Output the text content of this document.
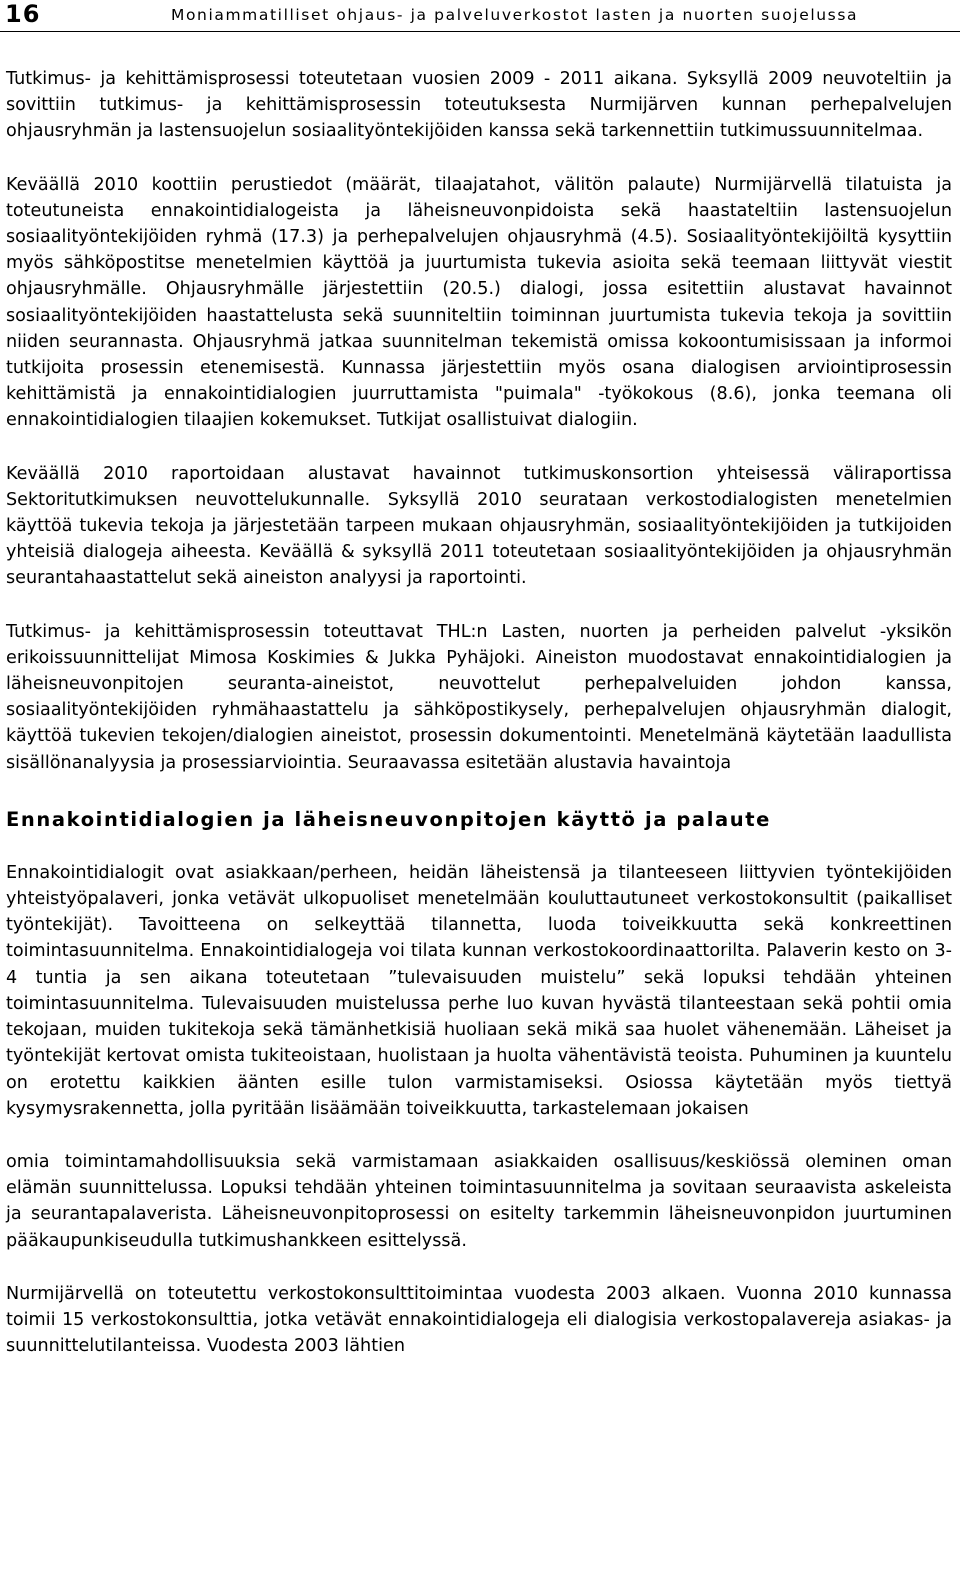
16	Moniammatilliset ohjaus- ja palveluverkostot lasten ja nuorten suojelussa

Tutkimus- ja kehittämisprosessi toteutetaan vuosien 2009 - 2011 aikana. Syksyllä 2009 neuvoteltiin ja sovittiin tutkimus- ja kehittämisprosessin toteutuksesta Nurmijärven kunnan perhepalvelujen ohjausryhmän ja lastensuojelun sosiaalityöntekijöiden kanssa sekä tarkennettiin tutkimussuunnitelmaa.

Keväällä 2010 koottiin perustiedot (määrät, tilaajatahot, välitön palaute) Nurmijärvellä tilatuista ja toteutuneista ennakointidialogeista ja läheisneuvonpidoista sekä haastateltiin lastensuojelun sosiaalityöntekijöiden ryhmä (17.3) ja perhepalvelujen ohjausryhmä (4.5). Sosiaalityöntekijöiltä kysyttiin myös sähköpostitse menetelmien käyttöä ja juurtumista tukevia asioita sekä teemaan liittyvät viestit ohjausryhmälle. Ohjausryhmälle järjestettiin (20.5.) dialogi, jossa esitettiin alustavat havainnot sosiaalityöntekijöiden haastattelusta sekä suunniteltiin toiminnan juurtumista tukevia tekoja ja sovittiin niiden seurannasta. Ohjausryhmä jatkaa suunnitelman tekemistä omissa kokoontumisissaan ja informoi tutkijoita prosessin etenemisestä. Kunnassa järjestettiin myös osana dialogisen arviointiprosessin kehittämistä ja ennakointidialogien juurruttamista "puimala" -työkokous (8.6), jonka teemana oli ennakointidialogien tilaajien kokemukset. Tutkijat osallistuivat dialogiin.

Keväällä 2010 raportoidaan alustavat havainnot tutkimuskonsortion yhteisessä väliraportissa Sektoritutkimuksen neuvottelukunnalle. Syksyllä 2010 seurataan verkostodialogisten menetelmien käyttöä tukevia tekoja ja järjestetään tarpeen mukaan ohjausryhmän, sosiaalityöntekijöiden ja tutkijoiden yhteisiä dialogeja aiheesta. Keväällä & syksyllä 2011 toteutetaan sosiaalityöntekijöiden ja ohjausryhmän seurantahaastattelut sekä aineiston analyysi ja raportointi.

Tutkimus- ja kehittämisprosessin toteuttavat THL:n Lasten, nuorten ja perheiden palvelut -yksikön erikoissuunnittelijat Mimosa Koskimies & Jukka Pyhäjoki. Aineiston muodostavat ennakointidialogien ja läheisneuvonpitojen seuranta-aineistot, neuvottelut perhepalveluiden johdon kanssa, sosiaalityöntekijöiden ryhmähaastattelu ja sähköpostikysely, perhepalvelujen ohjausryhmän dialogit, käyttöä tukevien tekojen/dialogien aineistot, prosessin dokumentointi. Menetelmänä käytetään laadullista sisällönanalyysia ja prosessiarviointia. Seuraavassa esitetään alustavia havaintoja

Ennakointidialogien ja läheisneuvonpitojen käyttö ja palaute

Ennakointidialogit ovat asiakkaan/perheen, heidän läheistensä ja tilanteeseen liittyvien työntekijöiden yhteistyöpalaveri, jonka vetävät ulkopuoliset menetelmään kouluttautuneet verkostokonsultit (paikalliset työntekijät). Tavoitteena on selkeyttää tilannetta, luoda toiveikkuutta sekä konkreettinen toimintasuunnitelma. Ennakointidialogeja voi tilata kunnan verkostokoordinaattorilta. Palaverin kesto on 3-4 tuntia ja sen aikana toteutetaan ”tulevaisuuden muistelu” sekä lopuksi tehdään yhteinen toimintasuunnitelma. Tulevaisuuden muistelussa perhe luo kuvan hyvästä tilanteestaan sekä pohtii omia tekojaan, muiden tukitekoja sekä tämänhetkisiä huoliaan sekä mikä saa huolet vähenemään. Läheiset ja työntekijät kertovat omista tukiteoistaan, huolistaan ja huolta vähentävistä teoista. Puhuminen ja kuuntelu on erotettu kaikkien äänten esille tulon varmistamiseksi. Osiossa käytetään myös tiettyä kysymysrakennetta, jolla pyritään lisäämään toiveikkuutta, tarkastelemaan jokaisen

omia toimintamahdollisuuksia sekä varmistamaan asiakkaiden osallisuus/keskiössä oleminen oman elämän suunnittelussa. Lopuksi tehdään yhteinen toimintasuunnitelma ja sovitaan seuraavista askeleista ja seurantapalaverista. Läheisneuvonpitoprosessi on esitelty tarkemmin läheisneuvonpidon juurtuminen pääkaupunkiseudulla tutkimushankkeen esittelyssä.

Nurmijärvellä on toteutettu verkostokonsulttitoimintaa vuodesta 2003 alkaen. Vuonna 2010 kunnassa toimii 15 verkostokonsulttia, jotka vetävät ennakointidialogeja eli dialogisia verkostopalavereja asiakas- ja suunnittelutilanteissa. Vuodesta 2003 lähtien
